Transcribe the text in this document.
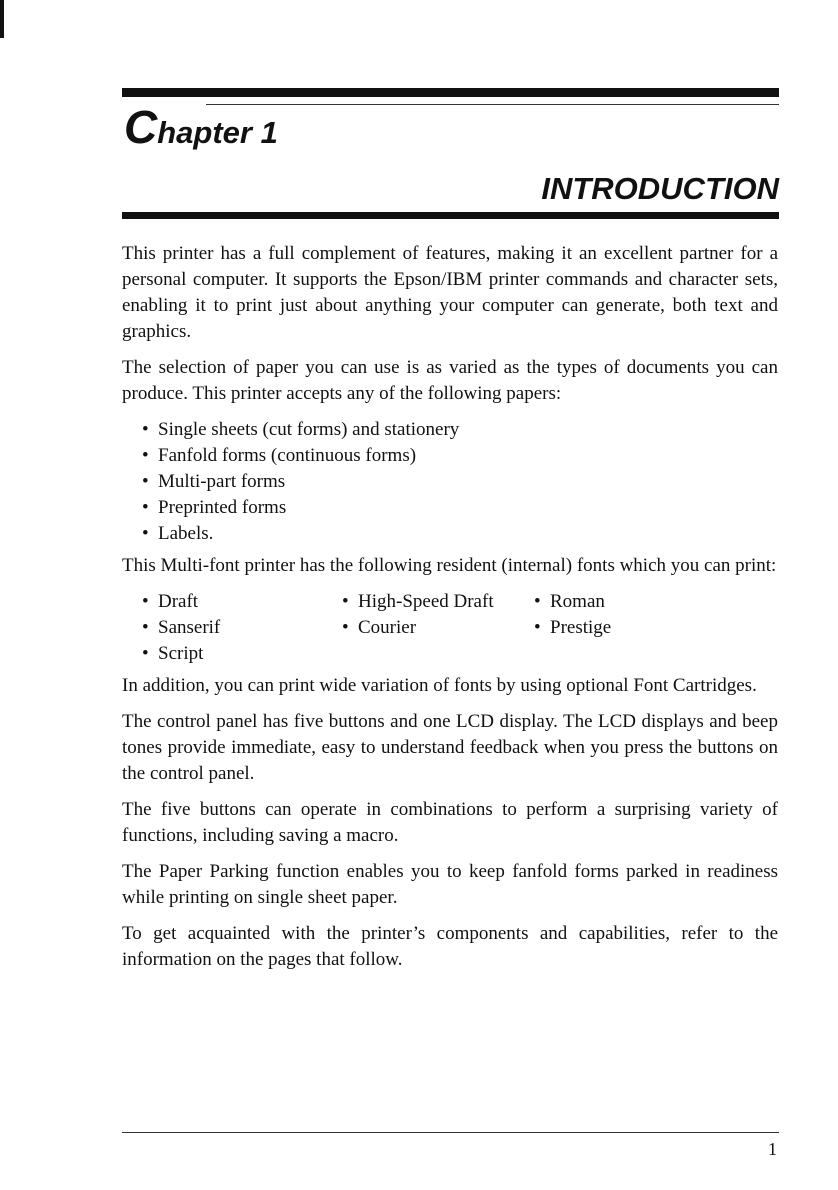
Chapter 1
INTRODUCTION

This printer has a full complement of features, making it an excellent partner for a personal computer. It supports the Epson/IBM printer commands and character sets, enabling it to print just about anything your computer can generate, both text and graphics.

The selection of paper you can use is as varied as the types of documents you can produce. This printer accepts any of the following papers:

• Single sheets (cut forms) and stationery
• Fanfold forms (continuous forms)
• Multi-part forms
• Preprinted forms
• Labels.

This Multi-font printer has the following resident (internal) fonts which you can print:

• Draft	• High-Speed Draft	• Roman
• Sanserif	• Courier	• Prestige
• Script

In addition, you can print wide variation of fonts by using optional Font Cartridges.

The control panel has five buttons and one LCD display. The LCD displays and beep tones provide immediate, easy to understand feedback when you press the buttons on the control panel.

The five buttons can operate in combinations to perform a surprising variety of functions, including saving a macro.

The Paper Parking function enables you to keep fanfold forms parked in readiness while printing on single sheet paper.

To get acquainted with the printer’s components and capabilities, refer to the information on the pages that follow.

1
